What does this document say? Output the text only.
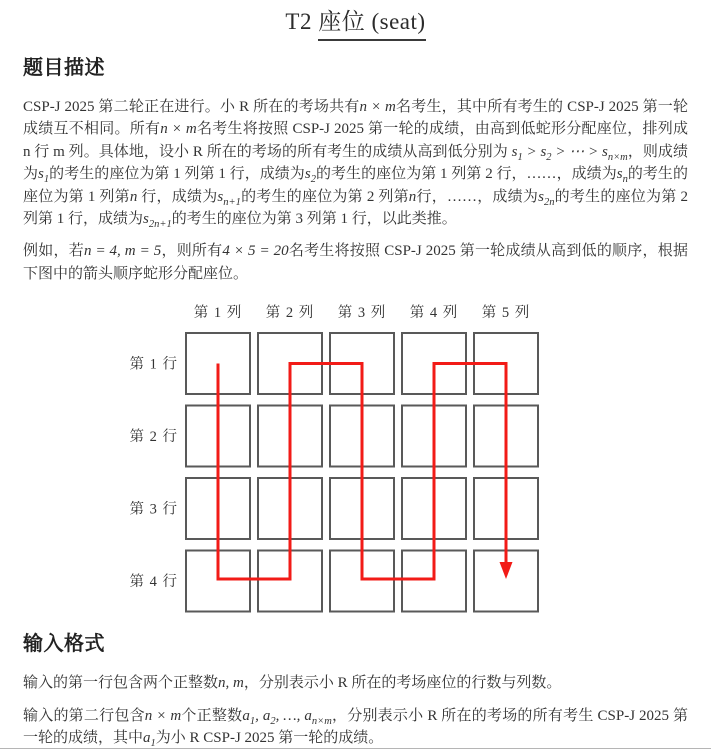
T2 座位 (seat)
题目描述

CSP-J 2025 第二轮正在进行。小 R 所在的考场共有n × m名考生，其中所有考生的 CSP-J 2025 第一轮成绩互不相同。所有n × m名考生将按照 CSP-J 2025 第一轮的成绩，由高到低蛇形分配座位，排列成 n 行 m 列。具体地，设小 R 所在的考场的所有考生的成绩从高到低分别为 $s_1 > s_2$ > ⋯ > $s_{n\times m}$，则成绩为$s_1$的考生的座位为第 1 列第 1 行，成绩为$s_2$的考生的座位为第 1 列第 2 行，……，成绩为$s_n$的考生的座位为第 1 列第n 行，成绩为$s_{n+1}$的考生的座位为第 2 列第n行，……，成绩为$s_{2n}$的考生的座位为第 2 列第 1 行，成绩为$s_{2n+1}$的考生的座位为第 3 列第 1 行，以此类推。

例如，若n = 4, m = 5，则所有4 × 5 = 20名考生将按照 CSP-J 2025 第一轮成绩从高到低的顺序，根据下图中的箭头顺序蛇形分配座位。

第 1 列 第 2 列 第 3 列 第 4 列 第 5 列
第 1 行
第 2 行
第 3 行
第 4 行
输入格式

输入的第一行包含两个正整数n, m，分别表示小 R 所在的考场座位的行数与列数。

输入的第二行包含n × m个正整数$a_1$, $a_2$, …, $a_{n\times m}$，分别表示小 R 所在的考场的所有考生 CSP-J 2025 第一轮的成绩，其中$a_1$为小 R CSP-J 2025 第一轮的成绩。
